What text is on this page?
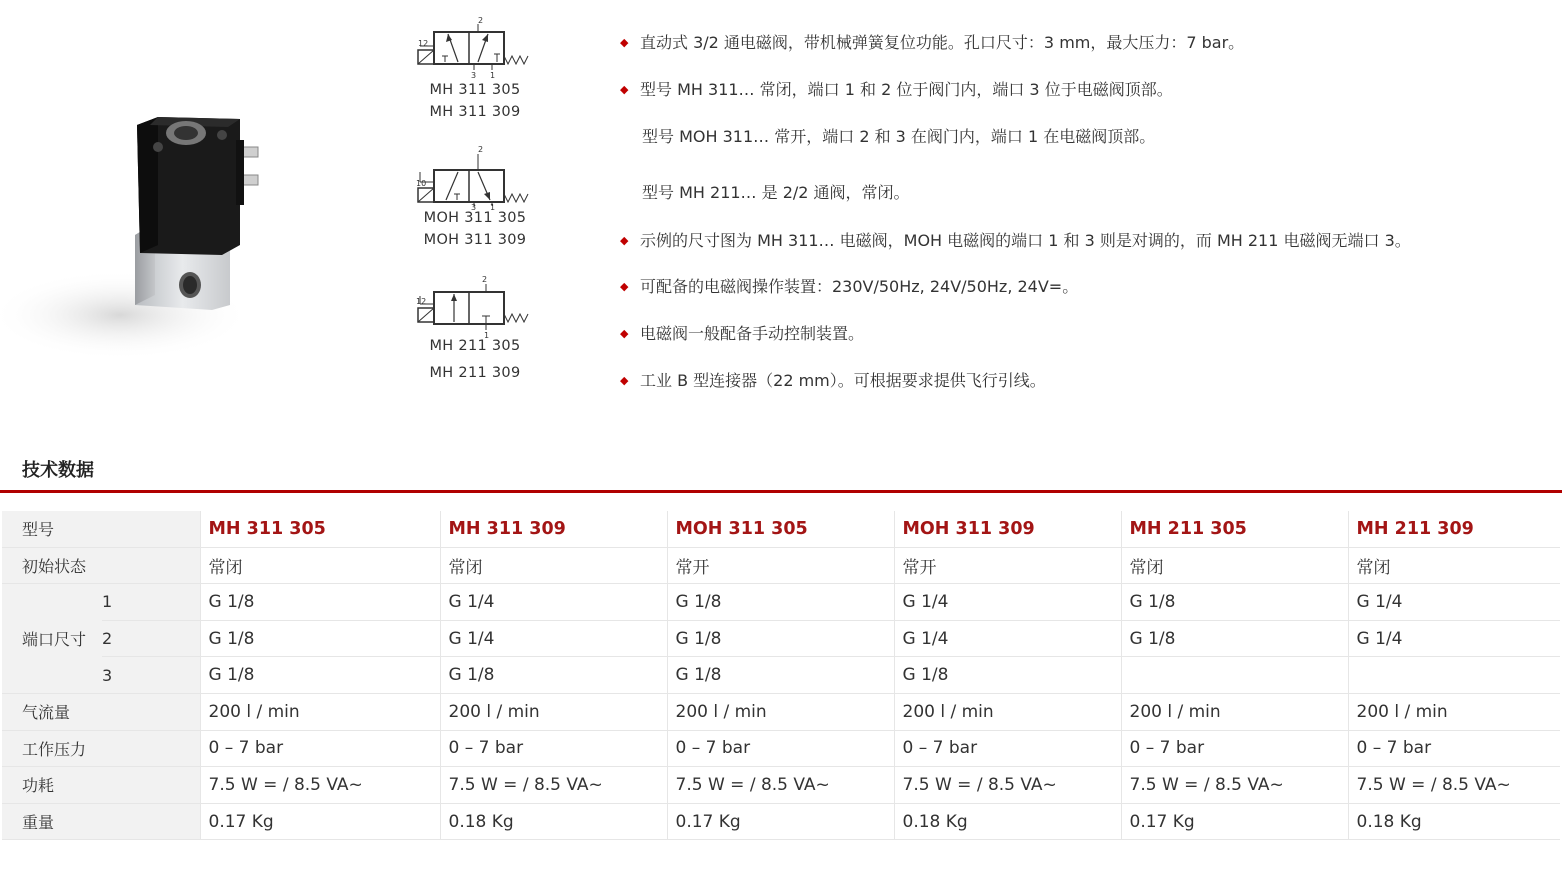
2
12
3 1
MH 311 305
MH 311 309
2
10
3 1
MOH 311 305
MOH 311 309
2
12
1
MH 211 305
MH 211 309
◆ 直动式 3/2 通电磁阀，带机械弹簧复位功能。孔口尺寸：3 mm，最大压力：7 bar。
◆ 型号 MH 311… 常闭，端口 1 和 2 位于阀门内，端口 3 位于电磁阀顶部。
型号 MOH 311… 常开，端口 2 和 3 在阀门内，端口 1 在电磁阀顶部。
型号 MH 211… 是 2/2 通阀，常闭。
◆ 示例的尺寸图为 MH 311… 电磁阀，MOH 电磁阀的端口 1 和 3 则是对调的，而 MH 211 电磁阀无端口 3。
◆ 可配备的电磁阀操作装置：230V/50Hz, 24V/50Hz, 24V=。
◆ 电磁阀一般配备手动控制装置。
◆ 工业 B 型连接器（22 mm）。可根据要求提供飞行引线。
技术数据
型号		MH 311 305	MH 311 309	MOH 311 305	MOH 311 309	MH 211 305	MH 211 309
初始状态		常闭	常闭	常开	常开	常闭	常闭
端口尺寸	1	G 1/8	G 1/4	G 1/8	G 1/4	G 1/8	G 1/4
	2	G 1/8	G 1/4	G 1/8	G 1/4	G 1/8	G 1/4
	3	G 1/8	G 1/8	G 1/8	G 1/8		
气流量		200 l / min	200 l / min	200 l / min	200 l / min	200 l / min	200 l / min
工作压力		0 – 7 bar	0 – 7 bar	0 – 7 bar	0 – 7 bar	0 – 7 bar	0 – 7 bar
功耗		7.5 W = / 8.5 VA~	7.5 W = / 8.5 VA~	7.5 W = / 8.5 VA~	7.5 W = / 8.5 VA~	7.5 W = / 8.5 VA~	7.5 W = / 8.5 VA~
重量		0.17 Kg	0.18 Kg	0.17 Kg	0.18 Kg	0.17 Kg	0.18 Kg
